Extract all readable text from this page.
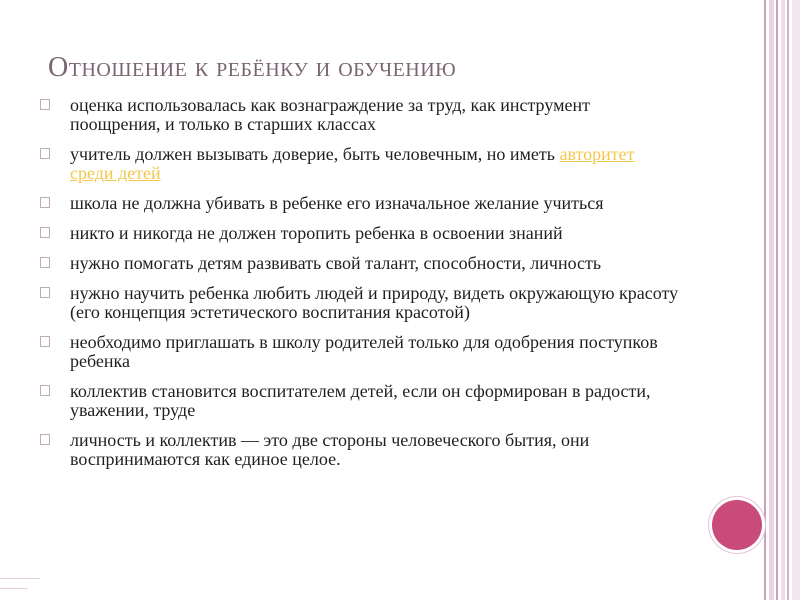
Отношение к ребёнку и обучению
оценка использовалась как вознаграждение за труд, как инструмент поощрения, и только в старших классах
учитель должен вызывать доверие, быть человечным, но иметь авторитет среди детей
школа не должна убивать в ребенке его изначальное желание учиться
никто и никогда не должен торопить ребенка в освоении знаний
нужно помогать детям развивать свой талант, способности, личность
нужно научить ребенка любить людей и природу, видеть окружающую красоту (его концепция эстетического воспитания красотой)
необходимо приглашать в школу родителей только для одобрения поступков ребенка
коллектив становится воспитателем детей, если он сформирован в радости, уважении, труде
личность и коллектив — это две стороны человеческого бытия, они воспринимаются как единое целое.
